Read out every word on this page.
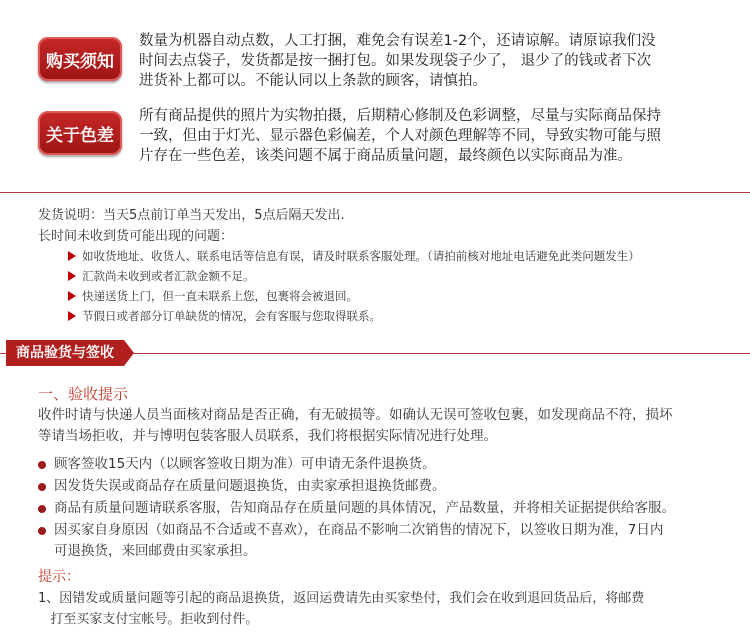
购买须知
数量为机器自动点数，人工打捆，难免会有误差1-2个，还请谅解。请原谅我们没
时间去点袋子，发货都是按一捆打包。如果发现袋子少了， 退少了的钱或者下次
进货补上都可以。不能认同以上条款的顾客，请慎拍。
关于色差
所有商品提供的照片为实物拍摄，后期精心修制及色彩调整，尽量与实际商品保持
一致，但由于灯光、显示器色彩偏差，个人对颜色理解等不同，导致实物可能与照
片存在一些色差，该类问题不属于商品质量问题，最终颜色以实际商品为准。
发货说明：当天5点前订单当天发出，5点后隔天发出.
长时间未收到货可能出现的问题：
如收货地址、收货人、联系电话等信息有误，请及时联系客服处理。（请拍前核对地址电话避免此类问题发生）
汇款尚未收到或者汇款金额不足。
快递送货上门，但一直未联系上您，包裹将会被退回。
节假日或者部分订单缺货的情况，会有客服与您取得联系。
商品验货与签收
一、验收提示
收件时请与快递人员当面核对商品是否正确，有无破损等。如确认无误可签收包裹，如发现商品不符，损坏
等请当场拒收，并与博明包装客服人员联系，我们将根据实际情况进行处理。
顾客签收15天内（以顾客签收日期为准）可申请无条件退换货。
因发货失误或商品存在质量问题退换货，由卖家承担退换货邮费。
商品有质量问题请联系客服，告知商品存在质量问题的具体情况，产品数量，并将相关证据提供给客服。
因买家自身原因（如商品不合适或不喜欢），在商品不影响二次销售的情况下，以签收日期为准，7日内
可退换货，来回邮费由买家承担。
提示：
1、因错发或质量问题等引起的商品退换货，返回运费请先由买家垫付，我们会在收到退回货品后，将邮费
打至买家支付宝帐号。拒收到付件。
